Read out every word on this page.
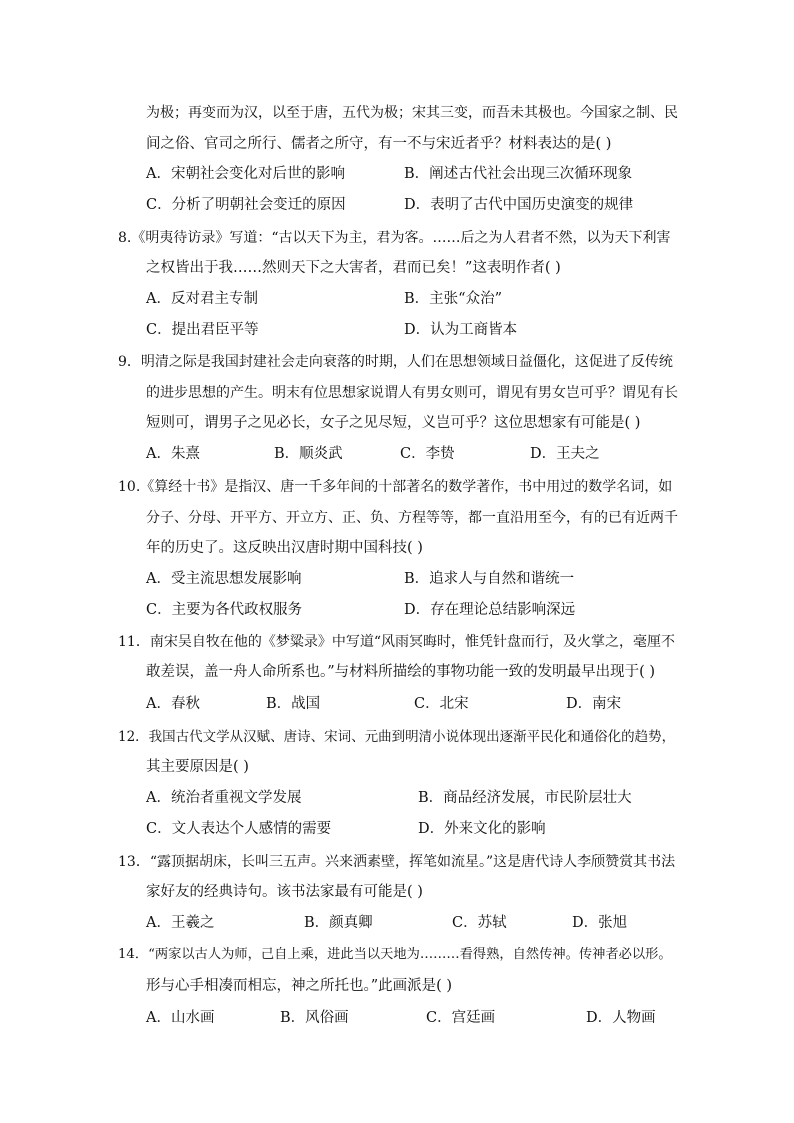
为极；再变而为汉，以至于唐，五代为极；宋其三变，而吾未其极也。今国家之制、民
间之俗、官司之所行、儒者之所守，有一不与宋近者乎？材料表达的是( )
A．宋朝社会变化对后世的影响	B．阐述古代社会出现三次循环现象
C．分析了明朝社会变迁的原因	D．表明了古代中国历史演变的规律
8.《明夷待访录》写道：“古以天下为主，君为客。……后之为人君者不然，以为天下利害
之权皆出于我……然则天下之大害者，君而已矣！”这表明作者( )
A．反对君主专制	B．主张“众治”
C．提出君臣平等	D．认为工商皆本
9．明清之际是我国封建社会走向衰落的时期，人们在思想领域日益僵化，这促进了反传统
的进步思想的产生。明末有位思想家说谓人有男女则可，谓见有男女岂可乎？谓见有长
短则可，谓男子之见必长，女子之见尽短，义岂可乎？这位思想家有可能是( )
A．朱熹	B．顺炎武	C．李贽	D．王夫之
10.《算经十书》是指汉、唐一千多年间的十部著名的数学著作，书中用过的数学名词，如
分子、分母、开平方、开立方、正、负、方程等等，都一直沿用至今，有的已有近两千
年的历史了。这反映出汉唐时期中国科技( )
A．受主流思想发展影响	B．追求人与自然和谐统一
C．主要为各代政权服务	D．存在理论总结影响深远
11．南宋吴自牧在他的《梦粱录》中写道“风雨冥晦时，惟凭针盘而行，及火掌之，毫厘不
敢差误，盖一舟人命所系也。”与材料所描绘的事物功能一致的发明最早出现于( )
A．春秋	B．战国	C．北宋	D．南宋
12．我国古代文学从汉赋、唐诗、宋词、元曲到明清小说体现出逐渐平民化和通俗化的趋势，
其主要原因是( )
A．统治者重视文学发展	B．商品经济发展，市民阶层壮大
C．文人表达个人感情的需要	D．外来文化的影响
13．“露顶据胡床，长叫三五声。兴来洒素壁，挥笔如流星。”这是唐代诗人李颀赞赏其书法
家好友的经典诗句。该书法家最有可能是( )
A．王羲之	B．颜真卿	C．苏轼	D．张旭
14．“两家以古人为师，己自上乘，进此当以天地为………看得熟，自然传神。传神者必以形。
形与心手相凑而相忘，神之所托也。”此画派是( )
A．山水画	B．风俗画	C．宫廷画	D．人物画
